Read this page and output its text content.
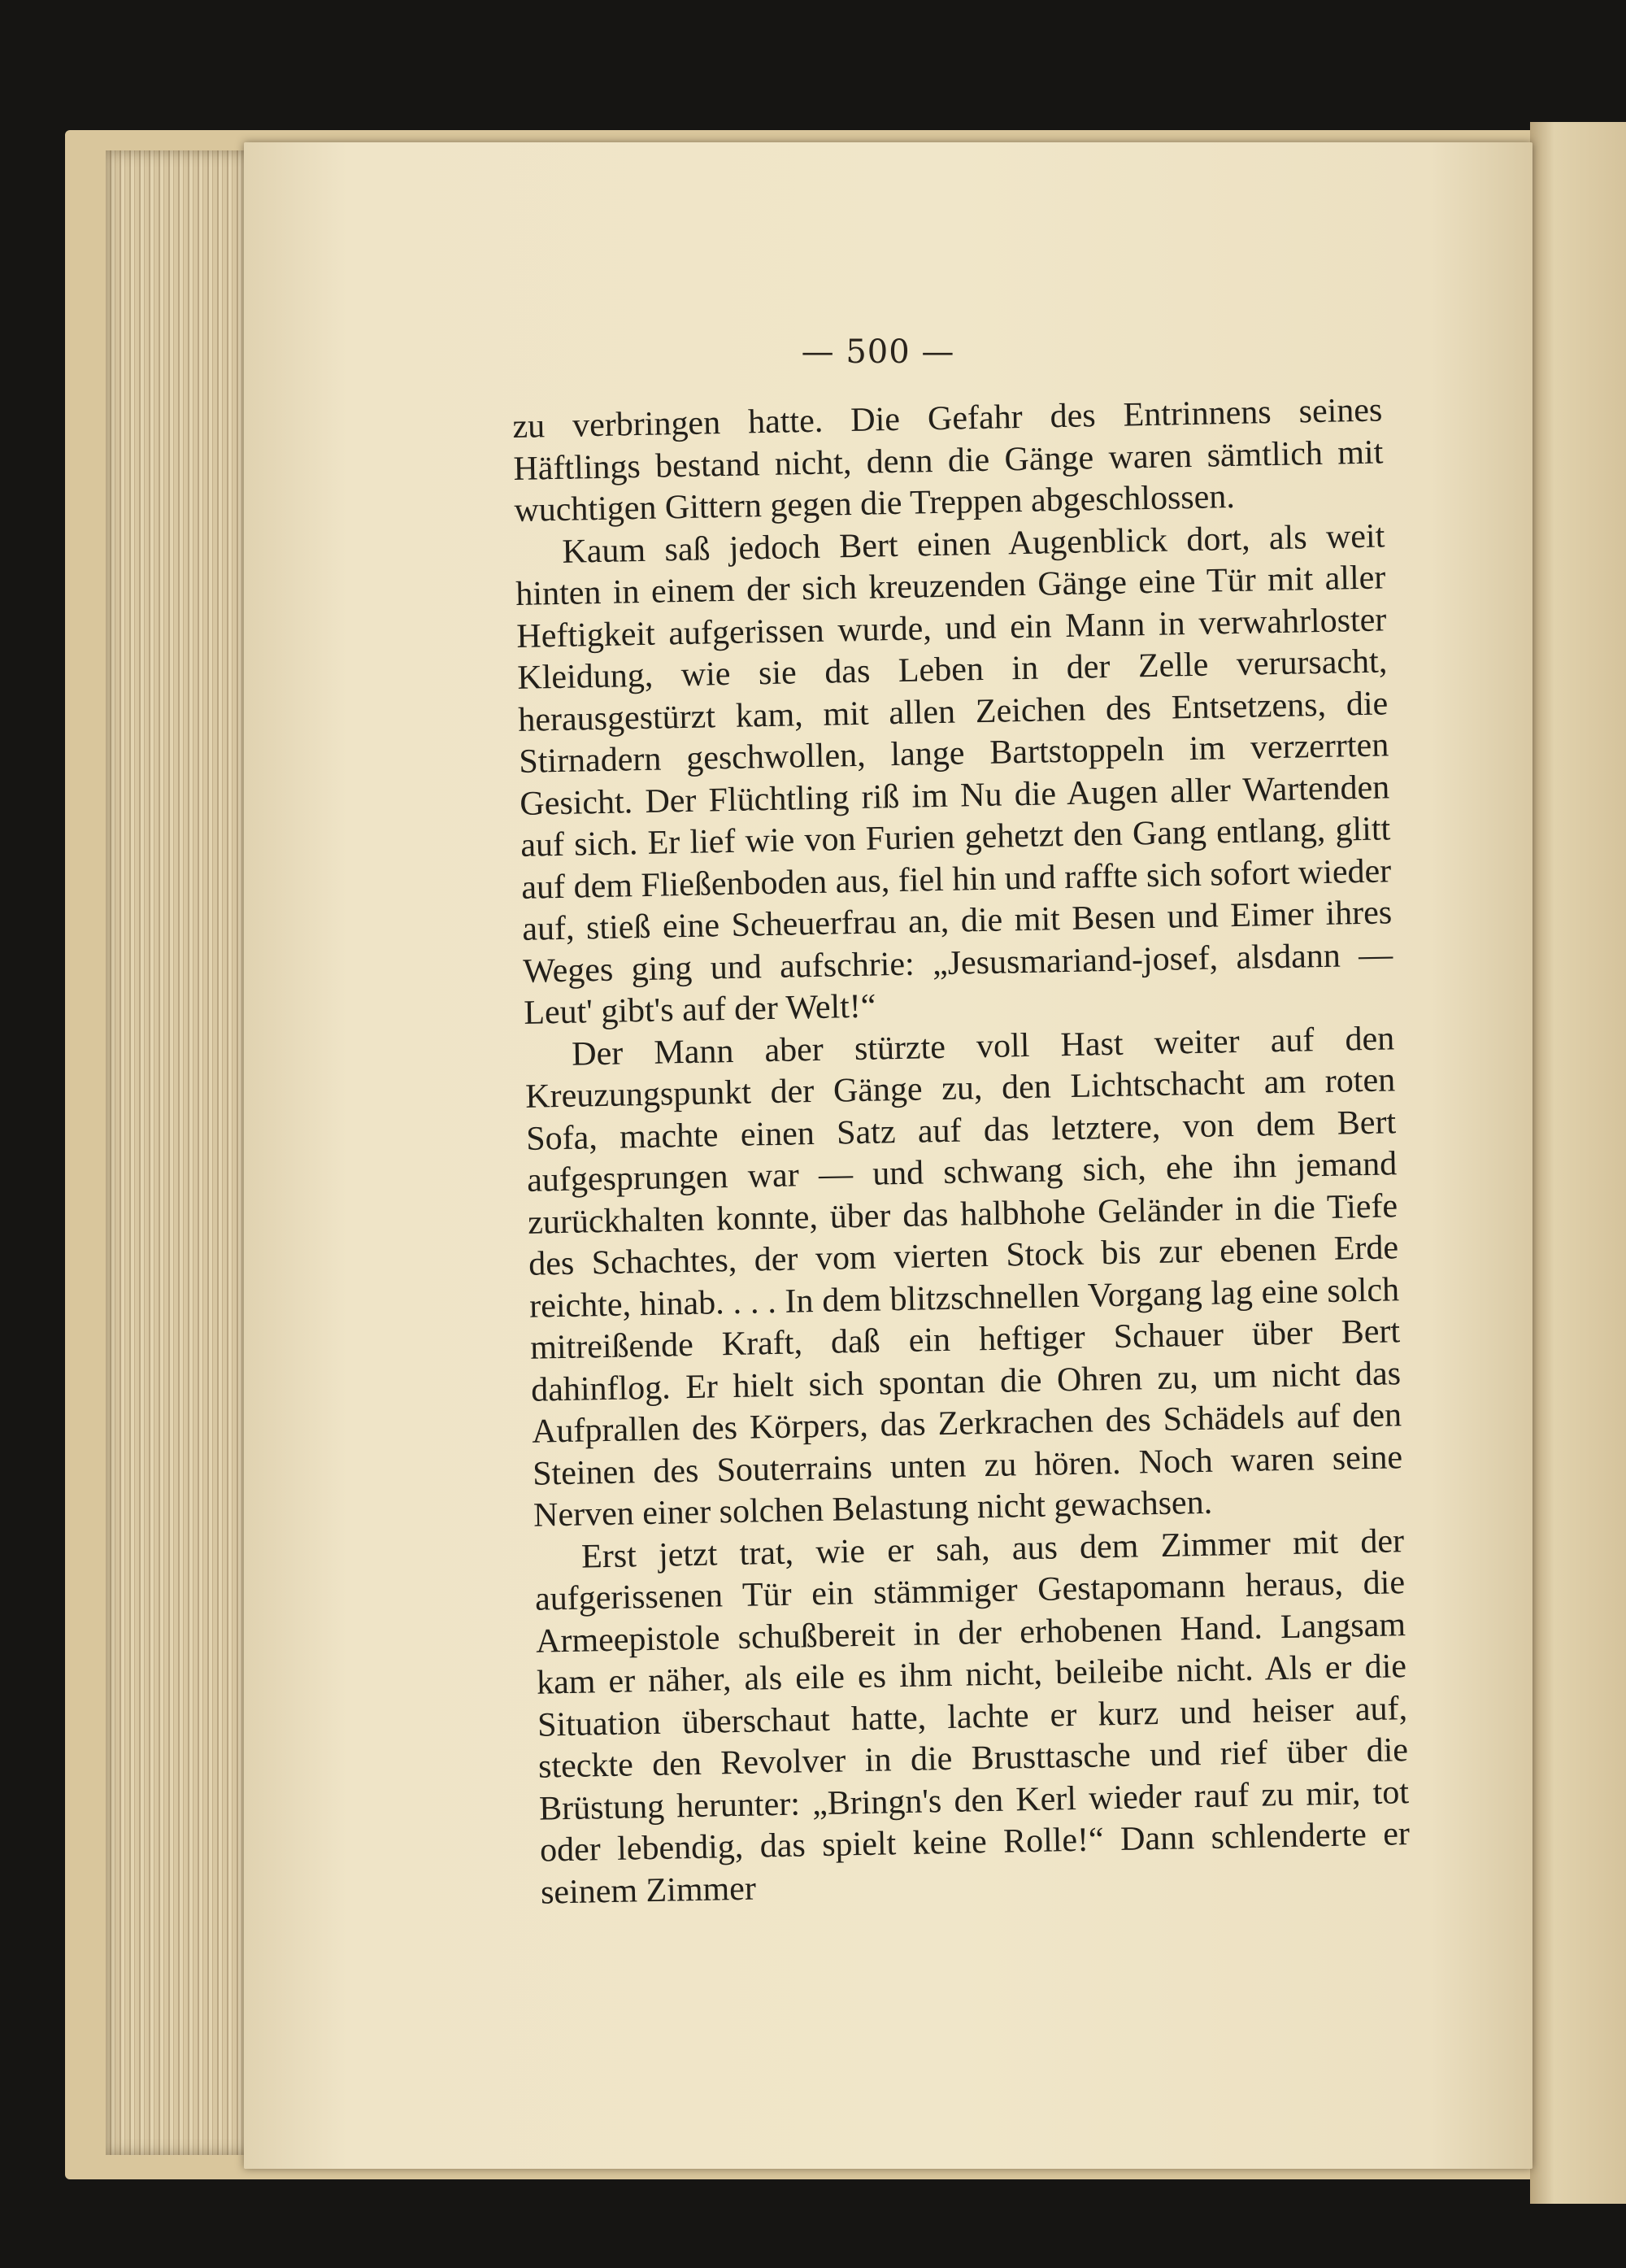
— 500 —

zu verbringen hatte. Die Gefahr des Entrinnens seines Häftlings bestand nicht, denn die Gänge waren sämtlich mit wuchtigen Gittern gegen die Treppen abgeschlossen.

Kaum saß jedoch Bert einen Augenblick dort, als weit hinten in einem der sich kreuzenden Gänge eine Tür mit aller Heftigkeit aufgerissen wurde, und ein Mann in verwahrloster Kleidung, wie sie das Leben in der Zelle verursacht, herausgestürzt kam, mit allen Zeichen des Entsetzens, die Stirnadern geschwollen, lange Bartstoppeln im verzerrten Gesicht. Der Flüchtling riß im Nu die Augen aller Wartenden auf sich. Er lief wie von Furien gehetzt den Gang entlang, glitt auf dem Fließenboden aus, fiel hin und raffte sich sofort wieder auf, stieß eine Scheuerfrau an, die mit Besen und Eimer ihres Weges ging und aufschrie: „Jesusmariand-josef, alsdann — Leut' gibt's auf der Welt!“

Der Mann aber stürzte voll Hast weiter auf den Kreuzungspunkt der Gänge zu, den Lichtschacht am roten Sofa, machte einen Satz auf das letztere, von dem Bert aufgesprungen war — und schwang sich, ehe ihn jemand zurückhalten konnte, über das halbhohe Geländer in die Tiefe des Schachtes, der vom vierten Stock bis zur ebenen Erde reichte, hinab. . . . In dem blitzschnellen Vorgang lag eine solch mitreißende Kraft, daß ein heftiger Schauer über Bert dahinflog. Er hielt sich spontan die Ohren zu, um nicht das Aufprallen des Körpers, das Zerkrachen des Schädels auf den Steinen des Souterrains unten zu hören. Noch waren seine Nerven einer solchen Belastung nicht gewachsen.

Erst jetzt trat, wie er sah, aus dem Zimmer mit der aufgerissenen Tür ein stämmiger Gestapomann heraus, die Armeepistole schußbereit in der erhobenen Hand. Langsam kam er näher, als eile es ihm nicht, beileibe nicht. Als er die Situation überschaut hatte, lachte er kurz und heiser auf, steckte den Revolver in die Brusttasche und rief über die Brüstung herunter: „Bringn's den Kerl wieder rauf zu mir, tot oder lebendig, das spielt keine Rolle!“ Dann schlenderte er seinem Zimmer
